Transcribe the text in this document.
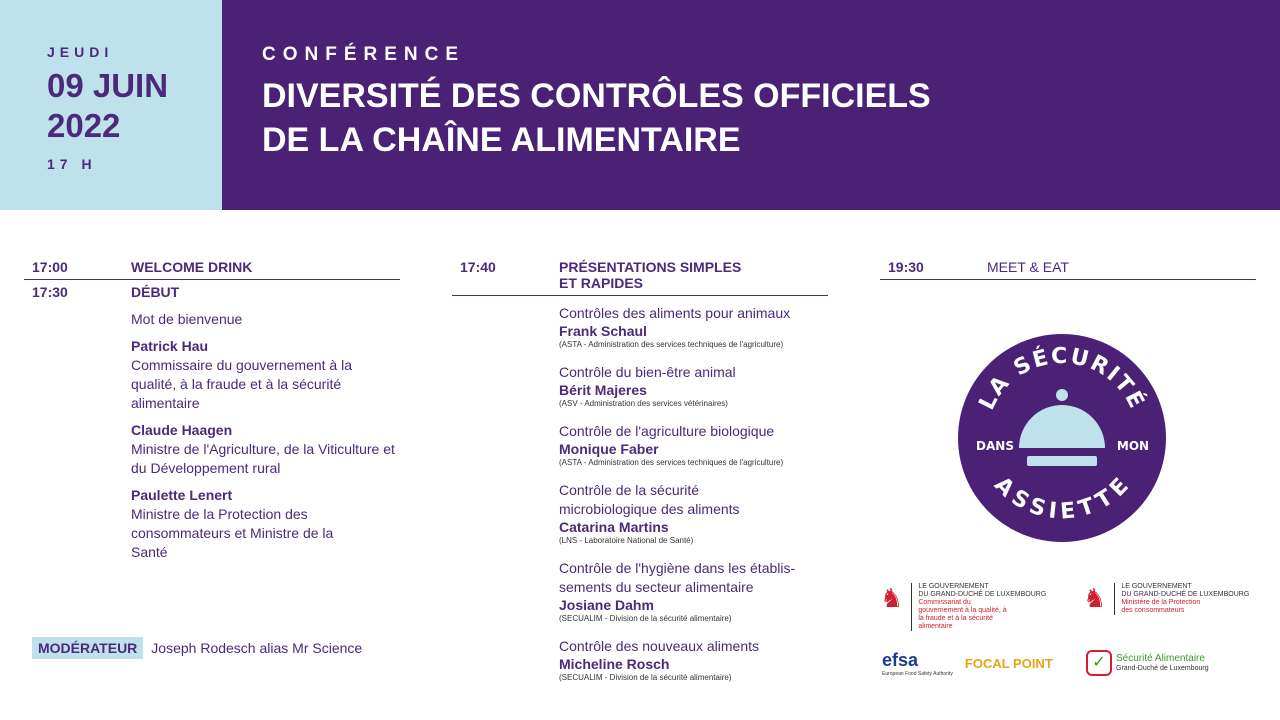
JEUDI
09 JUIN
2022
17 H
CONFÉRENCE
DIVERSITÉ DES CONTRÔLES OFFICIELS
DE LA CHAÎNE ALIMENTAIRE
17:00	WELCOME DRINK
17:30	DÉBUT
Mot de bienvenue
Patrick Hau
Commissaire du gouvernement à la qualité, à la fraude et à la sécurité alimentaire
Claude Haagen
Ministre de l'Agriculture, de la Viticulture et du Développement rural
Paulette Lenert
Ministre de la Protection des consommateurs et Ministre de la Santé
MODÉRATEUR	Joseph Rodesch alias Mr Science
17:40	PRÉSENTATIONS SIMPLES
ET RAPIDES
Contrôles des aliments pour animaux
Frank Schaul
(ASTA - Administration des services techniques de l'agriculture)
Contrôle du bien-être animal
Bérit Majeres
(ASV - Administration des services vétérinaires)
Contrôle de l'agriculture biologique
Monique Faber
(ASTA - Administration des services techniques de l'agriculture)
Contrôle de la sécurité microbiologique des aliments
Catarina Martins
(LNS - Laboratoire National de Santé)
Contrôle de l'hygiène dans les établis-sements du secteur alimentaire
Josiane Dahm
(SECUALIM - Division de la sécurité alimentaire)
Contrôle des nouveaux aliments
Micheline Rosch
(SECUALIM - Division de la sécurité alimentaire)
19:30	MEET & EAT
LA SÉCURITÉ
ASSIETTE
DANS	MON
♞ LE GOUVERNEMENT
DU GRAND-DUCHÉ DE LUXEMBOURG
Commissariat du gouvernement à la qualité, à la fraude et à la sécurité alimentaire
♞ LE GOUVERNEMENT
DU GRAND-DUCHÉ DE LUXEMBOURG
Ministère de la Protection des consommateurs
efsa
European Food Safety Authority
FOCAL POINT	✓	Sécurité Alimentaire
Grand-Duché de Luxembourg
